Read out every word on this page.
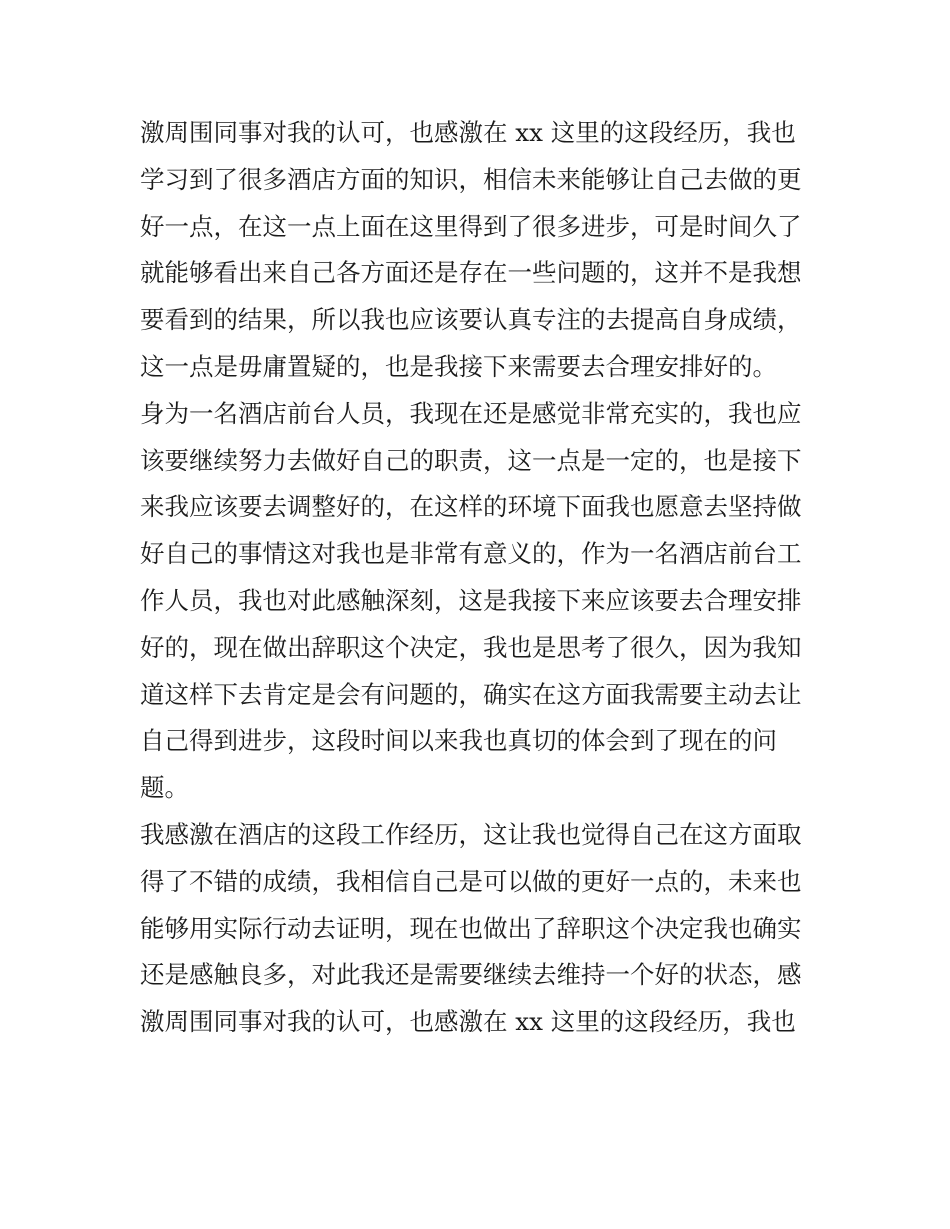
激周围同事对我的认可，也感激在 xx 这里的这段经历，我也
学习到了很多酒店方面的知识，相信未来能够让自己去做的更
好一点，在这一点上面在这里得到了很多进步，可是时间久了
就能够看出来自己各方面还是存在一些问题的，这并不是我想
要看到的结果，所以我也应该要认真专注的去提高自身成绩，
这一点是毋庸置疑的，也是我接下来需要去合理安排好的。
身为一名酒店前台人员，我现在还是感觉非常充实的，我也应
该要继续努力去做好自己的职责，这一点是一定的，也是接下
来我应该要去调整好的，在这样的环境下面我也愿意去坚持做
好自己的事情这对我也是非常有意义的，作为一名酒店前台工
作人员，我也对此感触深刻，这是我接下来应该要去合理安排
好的，现在做出辞职这个决定，我也是思考了很久，因为我知
道这样下去肯定是会有问题的，确实在这方面我需要主动去让
自己得到进步，这段时间以来我也真切的体会到了现在的问
题。
我感激在酒店的这段工作经历，这让我也觉得自己在这方面取
得了不错的成绩，我相信自己是可以做的更好一点的，未来也
能够用实际行动去证明，现在也做出了辞职这个决定我也确实
还是感触良多，对此我还是需要继续去维持一个好的状态，感
激周围同事对我的认可，也感激在 xx 这里的这段经历，我也
